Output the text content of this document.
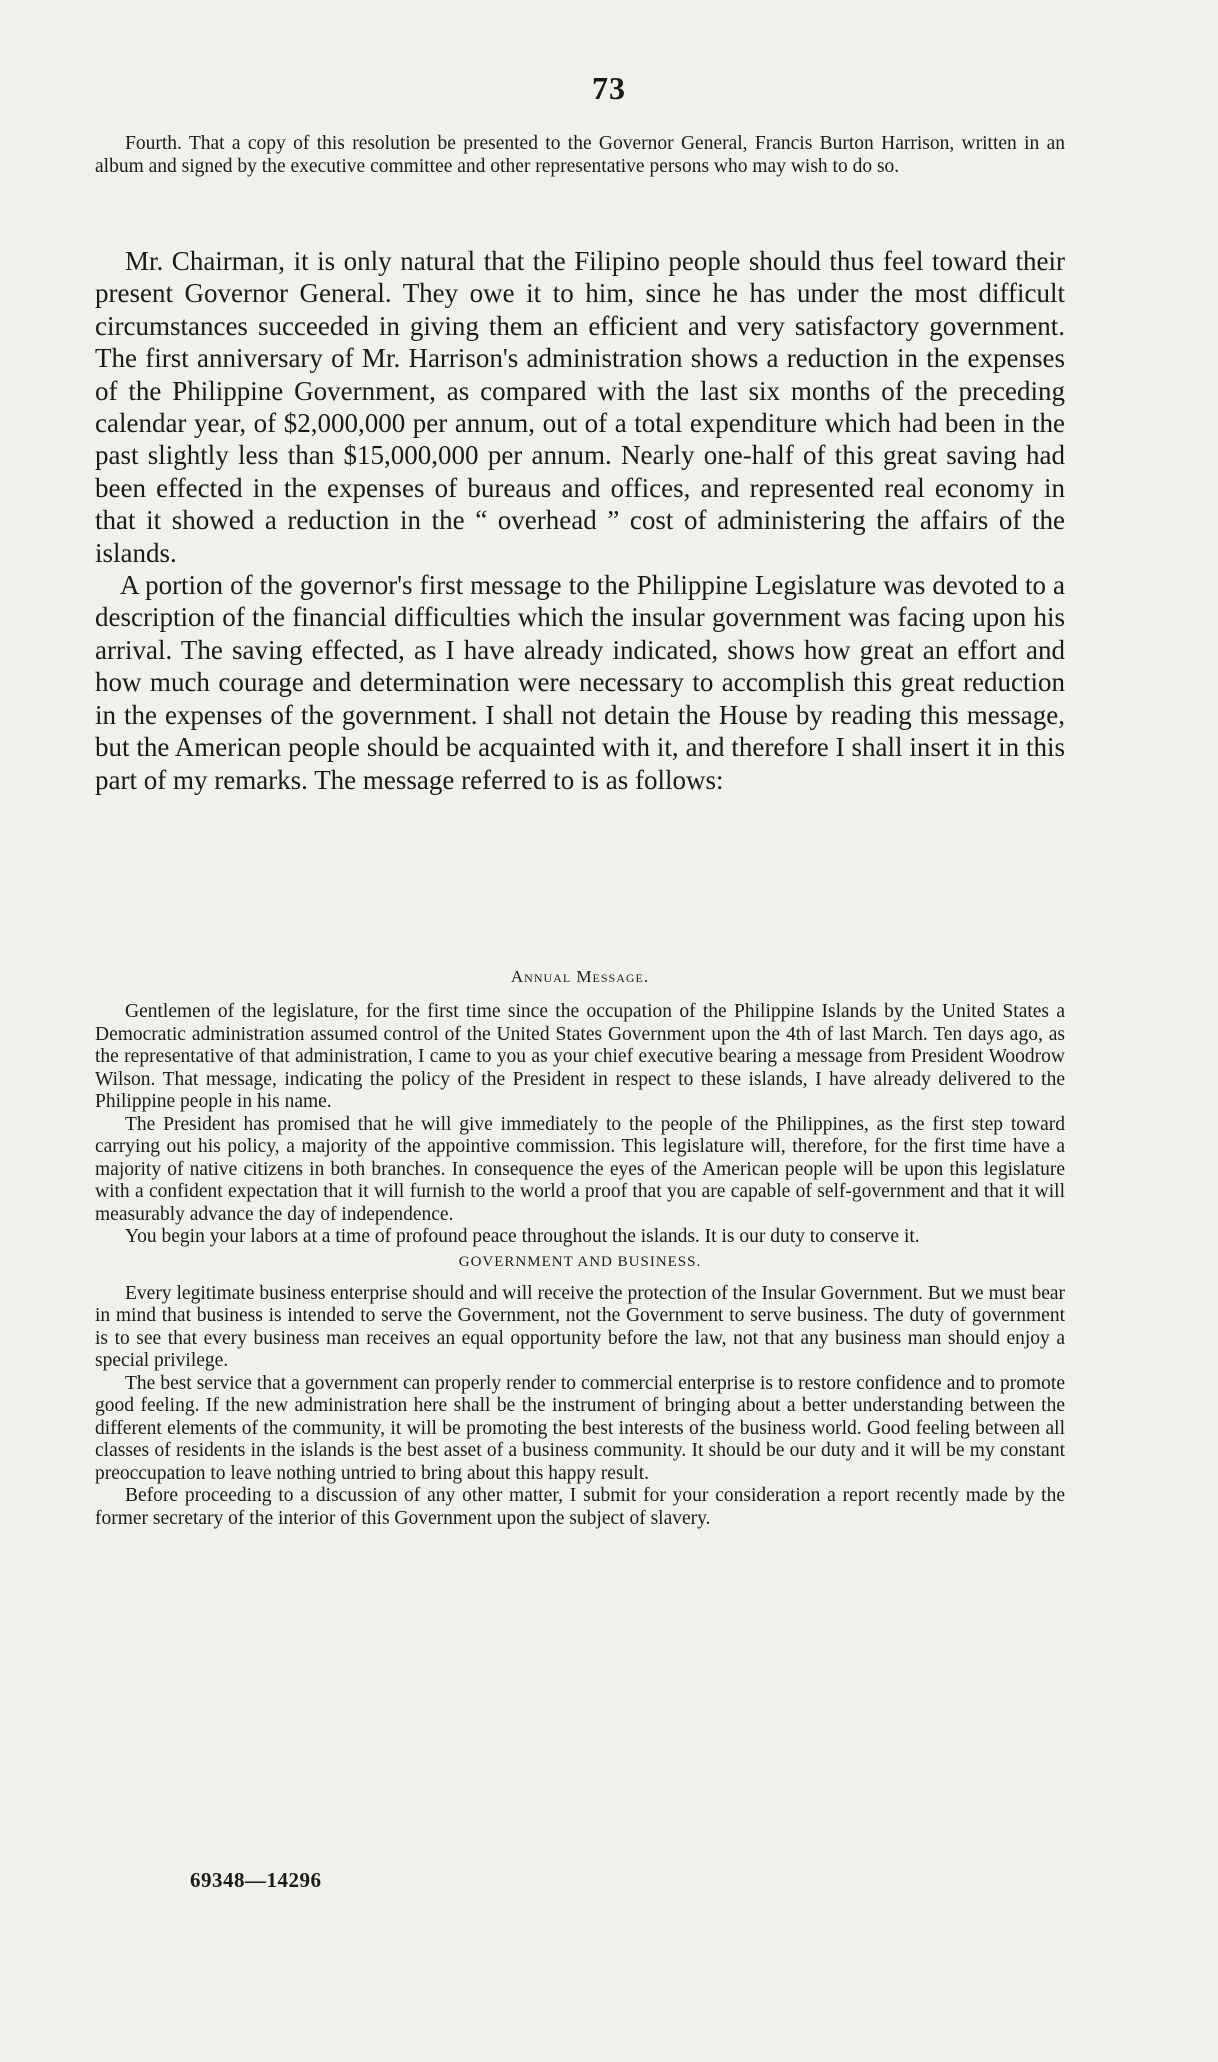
73

Fourth. That a copy of this resolution be presented to the Governor General, Francis Burton Harrison, written in an album and signed by the executive committee and other representative persons who may wish to do so.

Mr. Chairman, it is only natural that the Filipino people should thus feel toward their present Governor General. They owe it to him, since he has under the most difficult circumstances succeeded in giving them an efficient and very satisfactory government. The first anniversary of Mr. Harrison's administration shows a reduction in the expenses of the Philippine Government, as compared with the last six months of the preceding calendar year, of $2,000,000 per annum, out of a total expenditure which had been in the past slightly less than $15,000,000 per annum. Nearly one-half of this great saving had been effected in the expenses of bureaus and offices, and represented real economy in that it showed a reduction in the “ overhead ” cost of administering the affairs of the islands.

A portion of the governor's first message to the Philippine Legislature was devoted to a description of the financial difficulties which the insular government was facing upon his arrival. The saving effected, as I have already indicated, shows how great an effort and how much courage and determination were necessary to accomplish this great reduction in the expenses of the government. I shall not detain the House by reading this message, but the American people should be acquainted with it, and therefore I shall insert it in this part of my remarks. The message referred to is as follows:

Annual Message.

Gentlemen of the legislature, for the first time since the occupation of the Philippine Islands by the United States a Democratic administration assumed control of the United States Government upon the 4th of last March. Ten days ago, as the representative of that administration, I came to you as your chief executive bearing a message from President Woodrow Wilson. That message, indicating the policy of the President in respect to these islands, I have already delivered to the Philippine people in his name.

The President has promised that he will give immediately to the people of the Philippines, as the first step toward carrying out his policy, a majority of the appointive commission. This legislature will, therefore, for the first time have a majority of native citizens in both branches. In consequence the eyes of the American people will be upon this legislature with a confident expectation that it will furnish to the world a proof that you are capable of self-government and that it will measurably advance the day of independence.

You begin your labors at a time of profound peace throughout the islands. It is our duty to conserve it.

GOVERNMENT AND BUSINESS.

Every legitimate business enterprise should and will receive the protection of the Insular Government. But we must bear in mind that business is intended to serve the Government, not the Government to serve business. The duty of government is to see that every business man receives an equal opportunity before the law, not that any business man should enjoy a special privilege.

The best service that a government can properly render to commercial enterprise is to restore confidence and to promote good feeling. If the new administration here shall be the instrument of bringing about a better understanding between the different elements of the community, it will be promoting the best interests of the business world. Good feeling between all classes of residents in the islands is the best asset of a business community. It should be our duty and it will be my constant preoccupation to leave nothing untried to bring about this happy result.

Before proceeding to a discussion of any other matter, I submit for your consideration a report recently made by the former secretary of the interior of this Government upon the subject of slavery.

69348—14296
